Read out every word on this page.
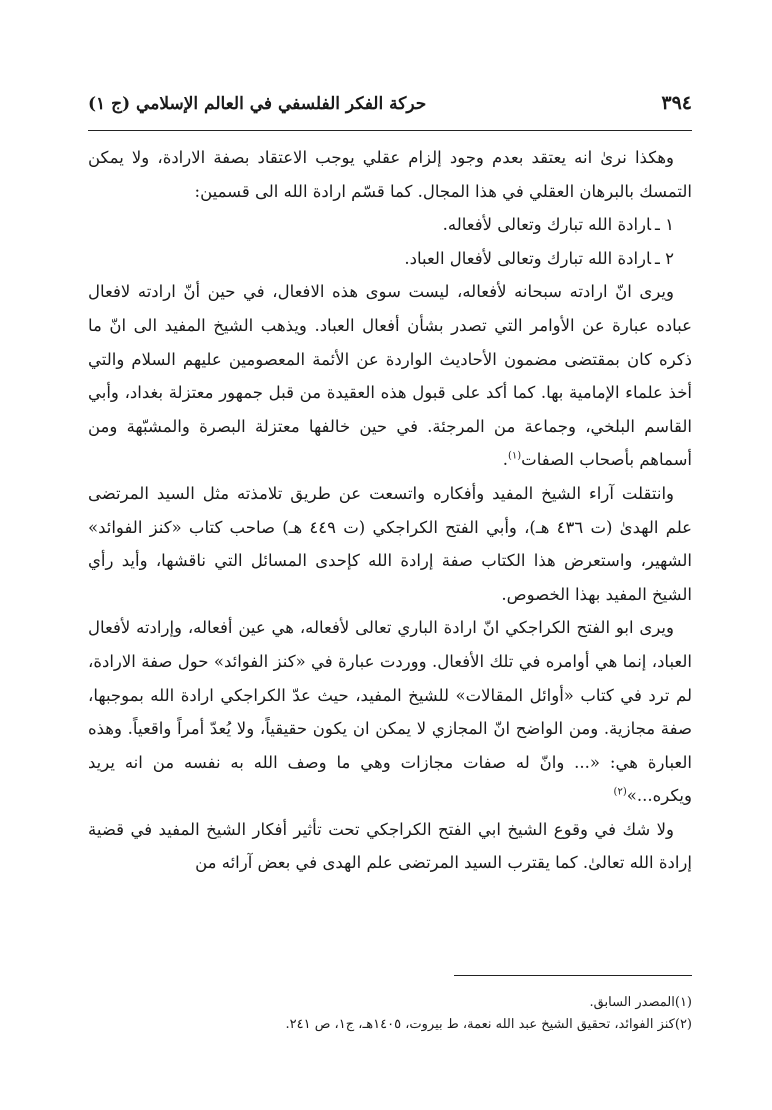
٣٩٤
حركة الفكر الفلسفي في العالم الإسلامي (ج ١)

وهكذا نرىٰ انه يعتقد بعدم وجود إلزام عقلي يوجب الاعتقاد بصفة الارادة، ولا يمكن التمسك بالبرهان العقلي في هذا المجال. كما قسّم ارادة الله الى قسمين:

١ ـارادة الله تبارك وتعالى لأفعاله.

٢ ـارادة الله تبارك وتعالى لأفعال العباد.

ويرى انّ ارادته سبحانه لأفعاله، ليست سوى هذه الافعال، في حين أنّ ارادته لافعال عباده عبارة عن الأوامر التي تصدر بشأن أفعال العباد. ويذهب الشيخ المفيد الى انّ ما ذكره كان بمقتضى مضمون الأحاديث الواردة عن الأئمة المعصومين عليهم السلام والتي أخذ علماء الإمامية بها. كما أكد على قبول هذه العقيدة من قبل جمهور معتزلة بغداد، وأبي القاسم البلخي، وجماعة من المرجئة. في حين خالفها معتزلة البصرة والمشبّهة ومن أسماهم بأصحاب الصفات$^{(١)}$.

وانتقلت آراء الشيخ المفيد وأفكاره واتسعت عن طريق تلامذته مثل السيد المرتضى علم الهدىٰ (ت ٤٣٦ هـ)، وأبي الفتح الكراجكي (ت ٤٤٩ هـ) صاحب كتاب «كنز الفوائد» الشهير، واستعرض هذا الكتاب صفة إرادة الله كإحدى المسائل التي ناقشها، وأيد رأي الشيخ المفيد بهذا الخصوص.

ويرى ابو الفتح الكراجكي انّ ارادة الباري تعالى لأفعاله، هي عين أفعاله، وإرادته لأفعال العباد، إنما هي أوامره في تلك الأفعال. ووردت عبارة في «كنز الفوائد» حول صفة الارادة، لم ترد في كتاب «أوائل المقالات» للشيخ المفيد، حيث عدّ الكراجكي ارادة الله بموجبها، صفة مجازية. ومن الواضح انّ المجازي لا يمكن ان يكون حقيقياً، ولا يُعدّ أمراً واقعياً. وهذه العبارة هي: «... وانّ له صفات مجازات وهي ما وصف الله به نفسه من انه يريد ويكره...»$^{(٢)}$

ولا شك في وقوع الشيخ ابي الفتح الكراجكي تحت تأثير أفكار الشيخ المفيد في قضية إرادة الله تعالىٰ. كما يقترب السيد المرتضى علم الهدى في بعض آرائه من

(١)المصدر السابق.

(٢)كنز الفوائد، تحقيق الشيخ عبد الله نعمة، ط بيروت، ١٤٠٥هـ، ج١، ص ٢٤١.
